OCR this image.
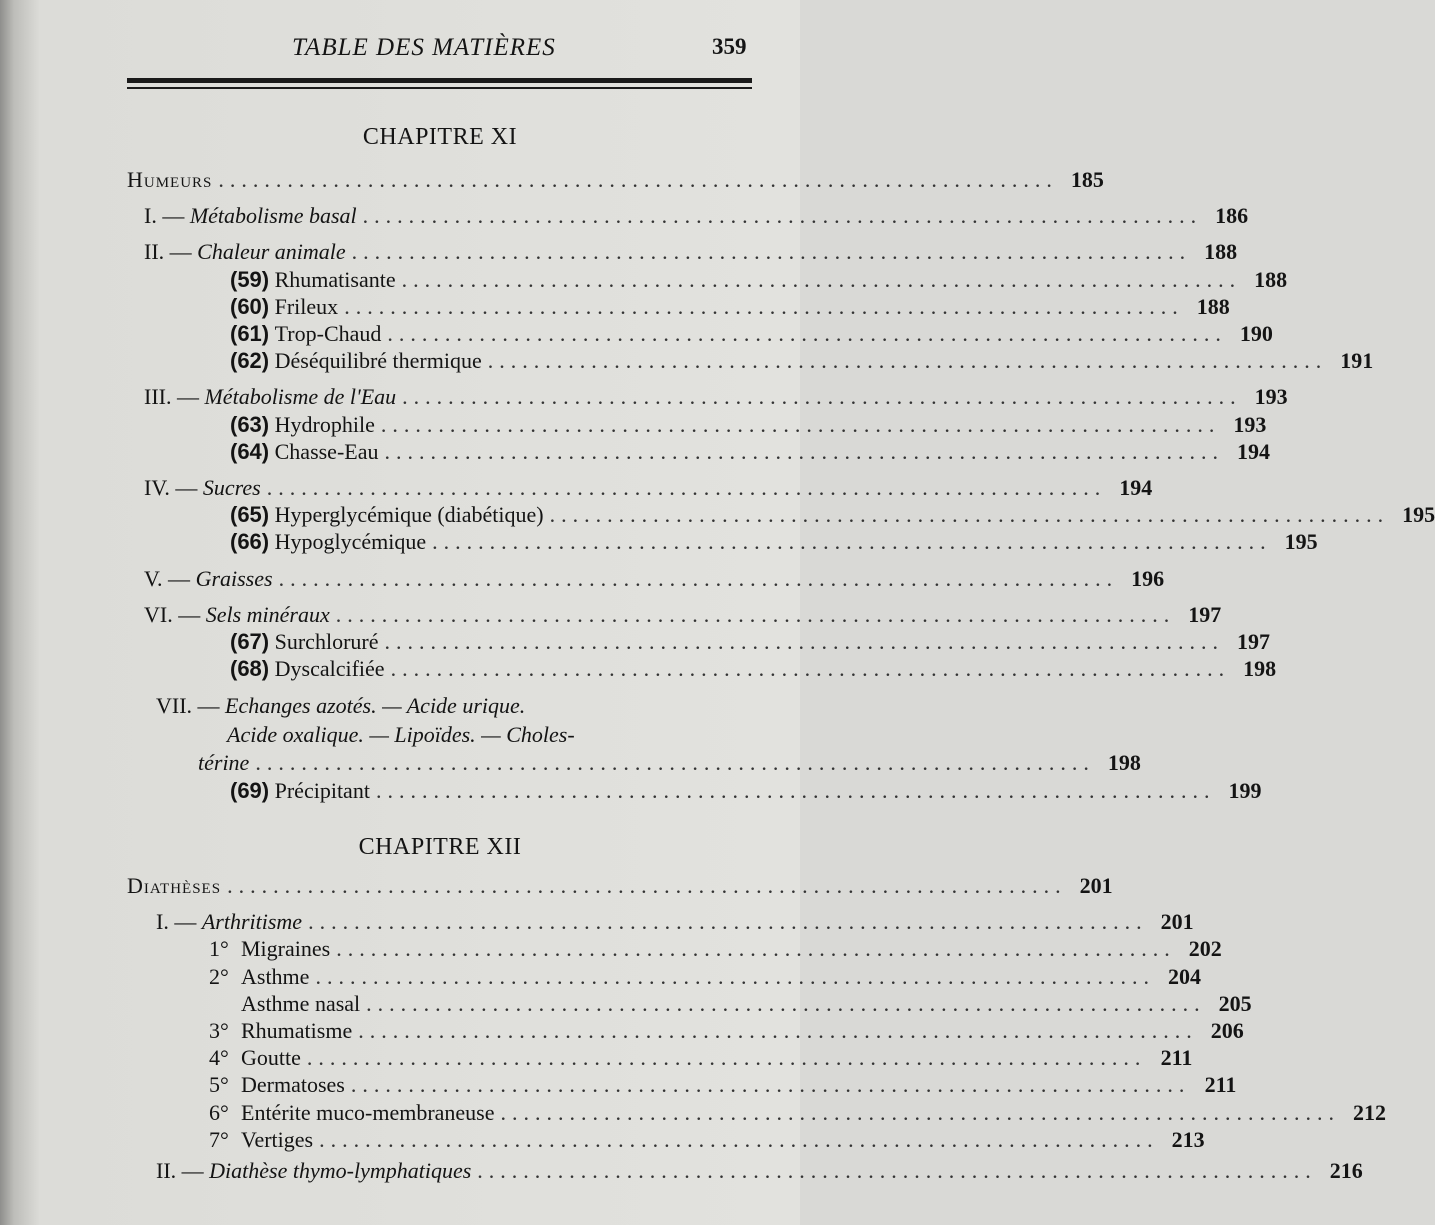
TABLE DES MATIÈRES	359
CHAPITRE XI
Humeurs ......................................................................... 185
I. —
Métabolisme basal ......................................................................... 186
II. —
Chaleur animale ......................................................................... 188
(59)
Rhumatisante ......................................................................... 188
(60)
Frileux ......................................................................... 188
(61)
Trop-Chaud ......................................................................... 190
(62)
Déséquilibré thermique ......................................................................... 191
III. —
Métabolisme de l'Eau ......................................................................... 193
(63)
Hydrophile ......................................................................... 193
(64)
Chasse-Eau ......................................................................... 194
IV. —
Sucres ......................................................................... 194
(65)
Hyperglycémique (diabétique) ......................................................................... 195
(66)
Hypoglycémique ......................................................................... 195
V. —
Graisses ......................................................................... 196
VI. —
Sels minéraux ......................................................................... 197
(67)
Surchloruré ......................................................................... 197
(68)
Dyscalcifiée ......................................................................... 198
VII. — Echanges azotés. — Acide urique.
Acide oxalique. — Lipoïdes. — Choles-
térine ......................................................................... 198
(69)
Précipitant ......................................................................... 199
CHAPITRE XII
Diathèses ......................................................................... 201
I. —
Arthritisme ......................................................................... 201
1° Migraines ......................................................................... 202
2° Asthme ......................................................................... 204
Asthme nasal ......................................................................... 205
3° Rhumatisme ......................................................................... 206
4° Goutte ......................................................................... 211
5° Dermatoses ......................................................................... 211
6° Entérite muco-membraneuse ......................................................................... 212
7° Vertiges ......................................................................... 213
II. —
Diathèse thymo-lymphatiques ......................................................................... 216
